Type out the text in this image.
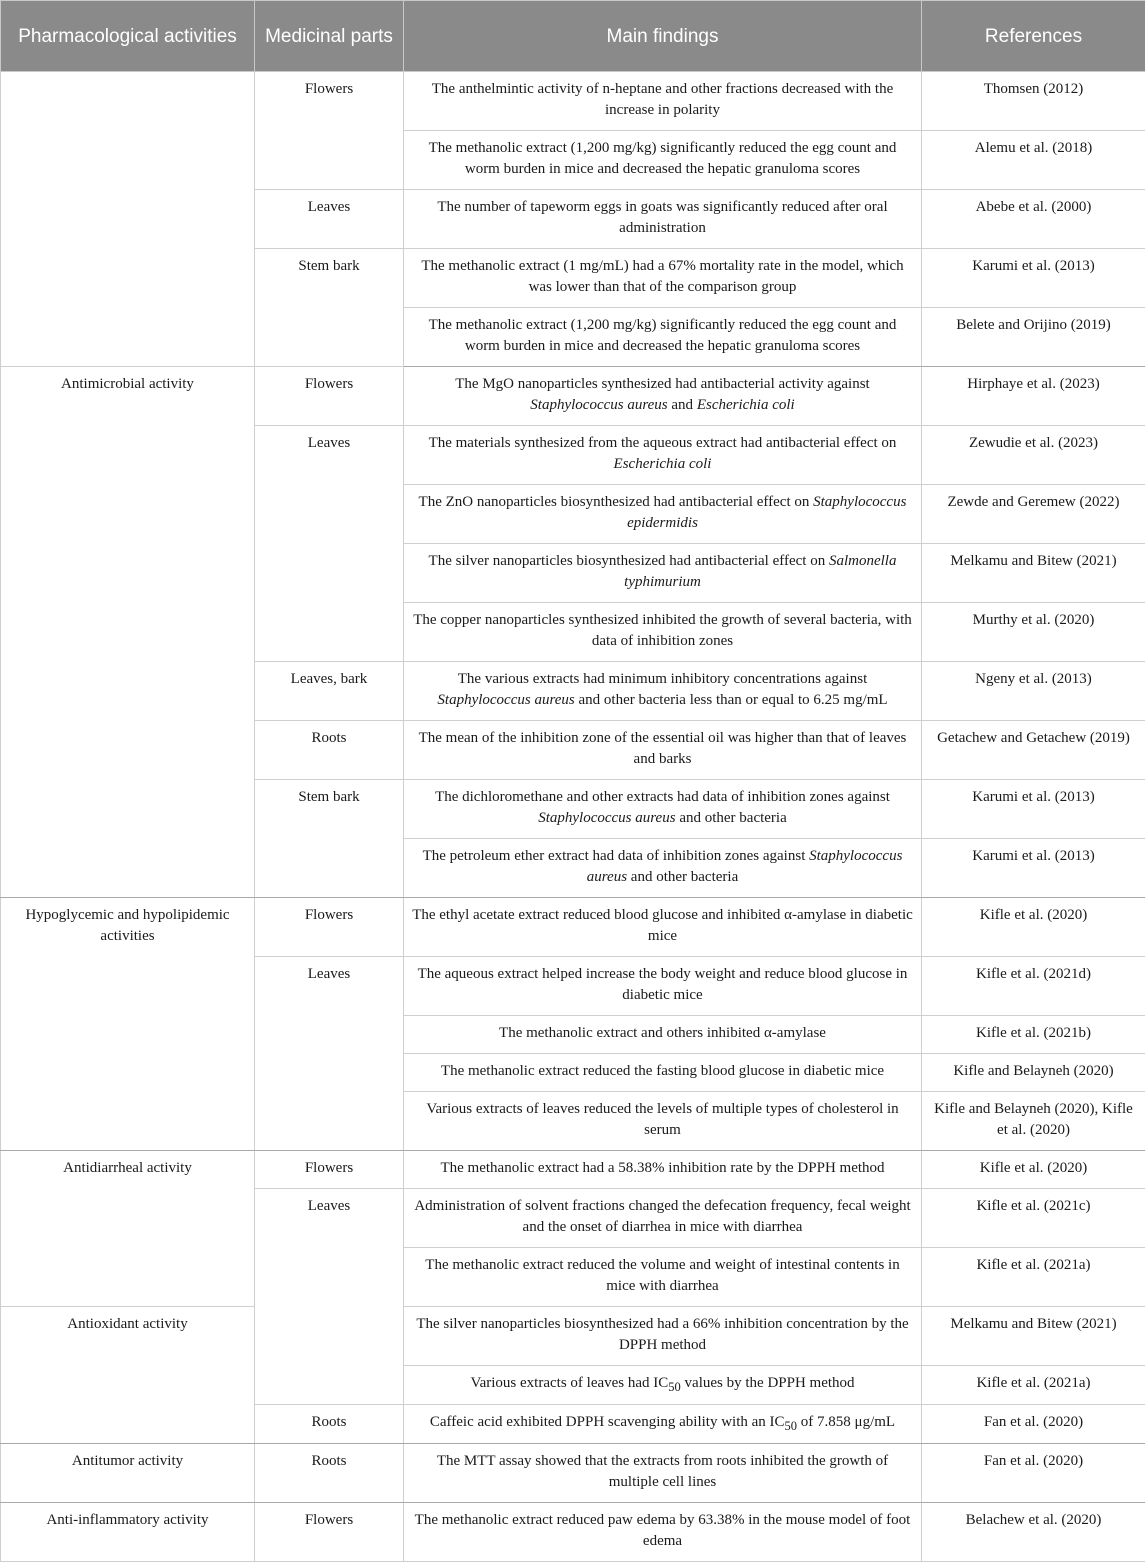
Pharmacological activities	Medicinal parts	Main findings	References
	Flowers	The anthelmintic activity of n-heptane and other fractions decreased with the increase in polarity	Thomsen (2012)
		The methanolic extract (1,200 mg/kg) significantly reduced the egg count and worm burden in mice and decreased the hepatic granuloma scores	Alemu et al. (2018)
	Leaves	The number of tapeworm eggs in goats was significantly reduced after oral administration	Abebe et al. (2000)
	Stem bark	The methanolic extract (1 mg/mL) had a 67% mortality rate in the model, which was lower than that of the comparison group	Karumi et al. (2013)
		The methanolic extract (1,200 mg/kg) significantly reduced the egg count and worm burden in mice and decreased the hepatic granuloma scores	Belete and Orijino (2019)
Antimicrobial activity	Flowers	The MgO nanoparticles synthesized had antibacterial activity against Staphylococcus aureus and Escherichia coli	Hirphaye et al. (2023)
	Leaves	The materials synthesized from the aqueous extract had antibacterial effect on Escherichia coli	Zewudie et al. (2023)
		The ZnO nanoparticles biosynthesized had antibacterial effect on Staphylococcus epidermidis	Zewde and Geremew (2022)
		The silver nanoparticles biosynthesized had antibacterial effect on Salmonella typhimurium	Melkamu and Bitew (2021)
		The copper nanoparticles synthesized inhibited the growth of several bacteria, with data of inhibition zones	Murthy et al. (2020)
	Leaves, bark	The various extracts had minimum inhibitory concentrations against Staphylococcus aureus and other bacteria less than or equal to 6.25 mg/mL	Ngeny et al. (2013)
	Roots	The mean of the inhibition zone of the essential oil was higher than that of leaves and barks	Getachew and Getachew (2019)
	Stem bark	The dichloromethane and other extracts had data of inhibition zones against Staphylococcus aureus and other bacteria	Karumi et al. (2013)
		The petroleum ether extract had data of inhibition zones against Staphylococcus aureus and other bacteria	Karumi et al. (2013)
Hypoglycemic and hypolipidemic activities	Flowers	The ethyl acetate extract reduced blood glucose and inhibited α-amylase in diabetic mice	Kifle et al. (2020)
	Leaves	The aqueous extract helped increase the body weight and reduce blood glucose in diabetic mice	Kifle et al. (2021d)
		The methanolic extract and others inhibited α-amylase	Kifle et al. (2021b)
		The methanolic extract reduced the fasting blood glucose in diabetic mice	Kifle and Belayneh (2020)
		Various extracts of leaves reduced the levels of multiple types of cholesterol in serum	Kifle and Belayneh (2020), Kifle et al. (2020)
Antidiarrheal activity	Flowers	The methanolic extract had a 58.38% inhibition rate by the DPPH method	Kifle et al. (2020)
	Leaves	Administration of solvent fractions changed the defecation frequency, fecal weight and the onset of diarrhea in mice with diarrhea	Kifle et al. (2021c)
		The methanolic extract reduced the volume and weight of intestinal contents in mice with diarrhea	Kifle et al. (2021a)
Antioxidant activity		The silver nanoparticles biosynthesized had a 66% inhibition concentration by the DPPH method	Melkamu and Bitew (2021)
		Various extracts of leaves had $IC_{50}$ values by the DPPH method	Kifle et al. (2021a)
	Roots	Caffeic acid exhibited DPPH scavenging ability with an $IC_{50}$ of 7.858 μg/mL	Fan et al. (2020)
Antitumor activity	Roots	The MTT assay showed that the extracts from roots inhibited the growth of multiple cell lines	Fan et al. (2020)
Anti-inflammatory activity	Flowers	The methanolic extract reduced paw edema by 63.38% in the mouse model of foot edema	Belachew et al. (2020)
